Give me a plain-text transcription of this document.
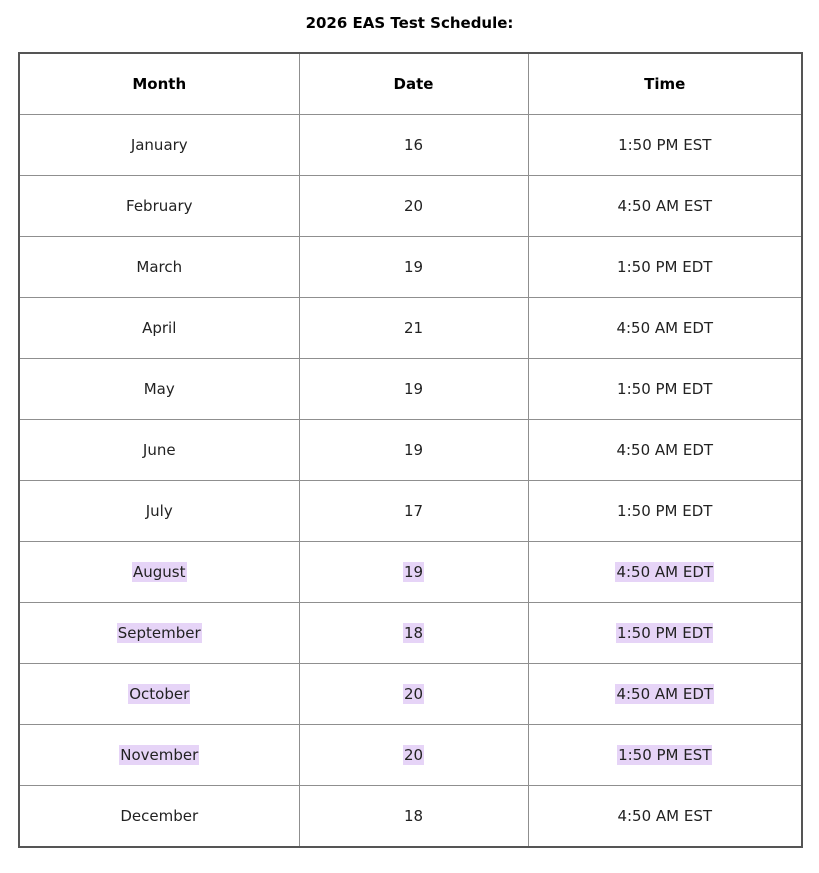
2026 EAS Test Schedule:
Month	Date	Time
January	16	1:50 PM EST
February	20	4:50 AM EST
March	19	1:50 PM EDT
April	21	4:50 AM EDT
May	19	1:50 PM EDT
June	19	4:50 AM EDT
July	17	1:50 PM EDT
August	19	4:50 AM EDT
September	18	1:50 PM EDT
October	20	4:50 AM EDT
November	20	1:50 PM EST
December	18	4:50 AM EST
